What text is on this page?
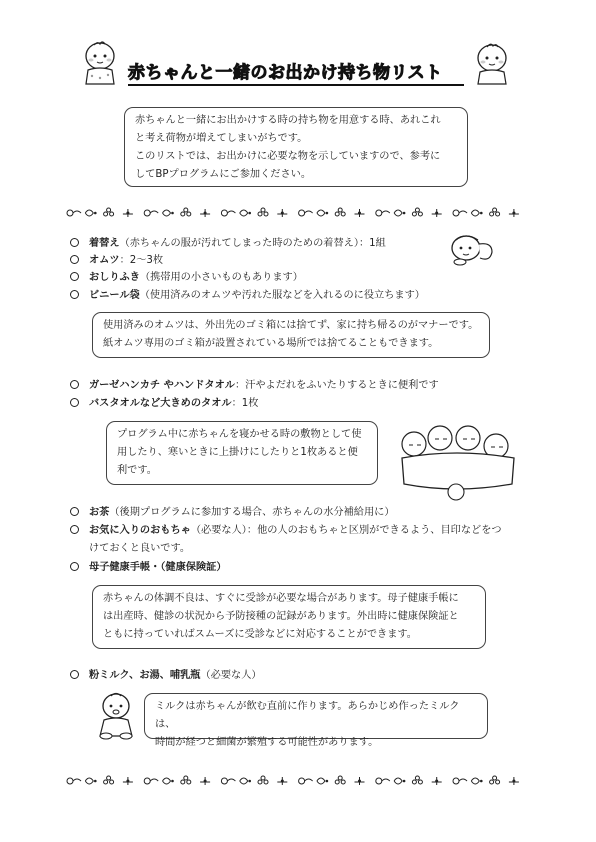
赤ちゃんと一緒のお出かけ持ち物リスト

赤ちゃんと一緒にお出かけする時の持ち物を用意する時、あれこれ

と考え荷物が増えてしまいがちです。

このリストでは、お出かけに必要な物を示していますので、参考に

してBPプログラムにご参加ください。

着替え（赤ちゃんの服が汚れてしまった時のための着替え）：1組
オムツ：2～3枚
おしりふき（携帯用の小さいものもあります）
ビニール袋（使用済みのオムツや汚れた服などを入れるのに役立ちます）

使用済みのオムツは、外出先のゴミ箱には捨てず、家に持ち帰るのがマナーです。

紙オムツ専用のゴミ箱が設置されている場所では捨てることもできます。

ガーゼハンカチ やハンドタオル：汗やよだれをふいたりするときに便利です
バスタオルなど大きめのタオル：1枚

プログラム中に赤ちゃんを寝かせる時の敷物として使

用したり、寒いときに上掛けにしたりと1枚あると便

利です。

お茶（後期プログラムに参加する場合、赤ちゃんの水分補給用に）
お気に入りのおもちゃ（必要な人）：他の人のおもちゃと区別ができるよう、目印などをつ
けておくと良いです。
母子健康手帳・（健康保険証）

赤ちゃんの体調不良は、すぐに受診が必要な場合があります。母子健康手帳に

は出産時、健診の状況から予防接種の記録があります。外出時に健康保険証と

ともに持っていればスムーズに受診などに対応することができます。

粉ミルク、お湯、哺乳瓶（必要な人）

ミルクは赤ちゃんが飲む直前に作ります。あらかじめ作ったミルクは、

時間が経つと細菌が繁殖する可能性があります。
